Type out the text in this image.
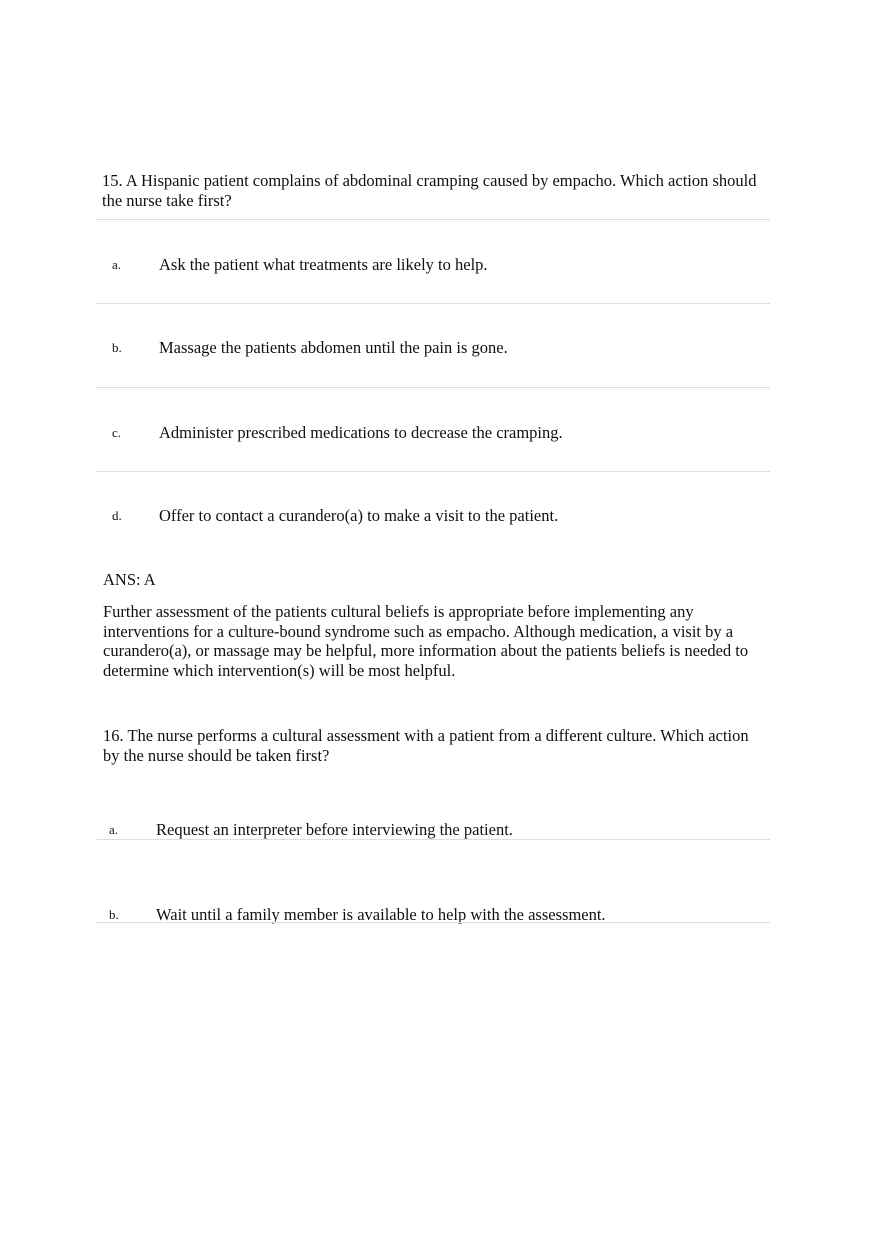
15. A Hispanic patient complains of abdominal cramping caused by empacho. Which action should the nurse take first?
a. Ask the patient what treatments are likely to help.
b. Massage the patients abdomen until the pain is gone.
c. Administer prescribed medications to decrease the cramping.
d. Offer to contact a curandero(a) to make a visit to the patient.
ANS: A
Further assessment of the patients cultural beliefs is appropriate before implementing any interventions for a culture-bound syndrome such as empacho. Although medication, a visit by a curandero(a), or massage may be helpful, more information about the patients beliefs is needed to determine which intervention(s) will be most helpful.
16. The nurse performs a cultural assessment with a patient from a different culture. Which action by the nurse should be taken first?
a. Request an interpreter before interviewing the patient.
b. Wait until a family member is available to help with the assessment.
